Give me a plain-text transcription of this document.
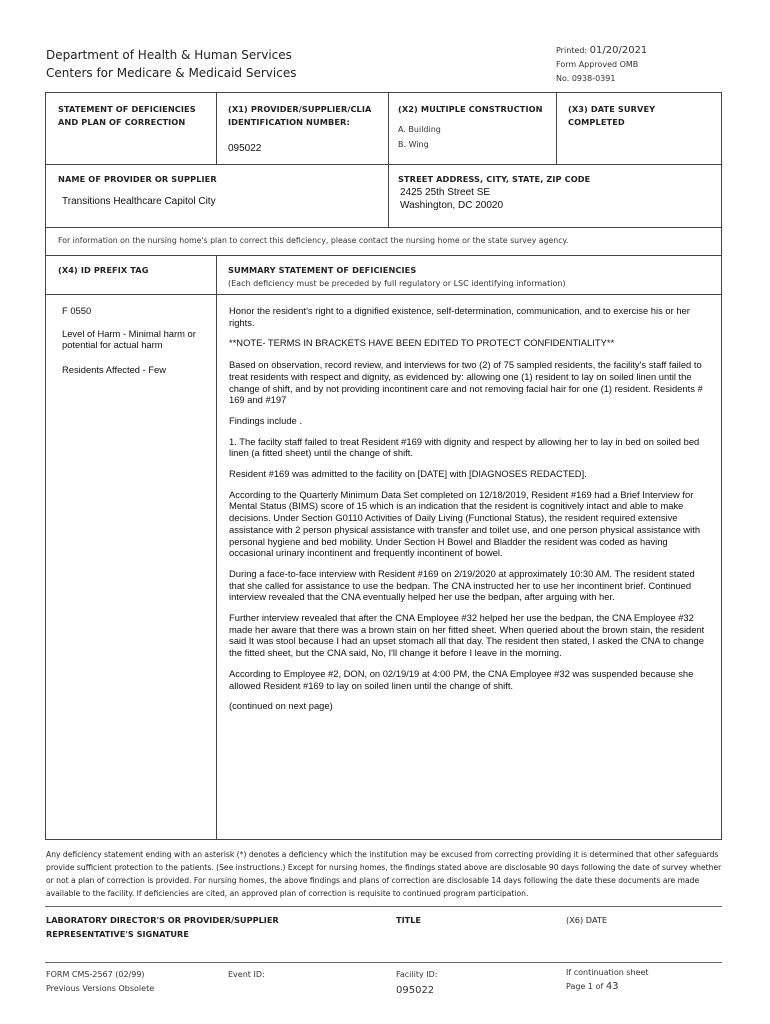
Department of Health & Human Services
Centers for Medicare & Medicaid Services
Printed: 01/20/2021
Form Approved OMB
No. 0938-0391
STATEMENT OF DEFICIENCIES AND PLAN OF CORRECTION
(X1) PROVIDER/SUPPLIER/CLIA IDENTIFICATION NUMBER:
095022
(X2) MULTIPLE CONSTRUCTION
A. Building
B. Wing
(X3) DATE SURVEY COMPLETED
NAME OF PROVIDER OR SUPPLIER
Transitions Healthcare Capitol City
STREET ADDRESS, CITY, STATE, ZIP CODE
2425 25th Street SE
Washington, DC 20020
For information on the nursing home's plan to correct this deficiency, please contact the nursing home or the state survey agency.
(X4) ID PREFIX TAG	SUMMARY STATEMENT OF DEFICIENCIES
(Each deficiency must be preceded by full regulatory or LSC identifying information)
F 0550
Level of Harm - Minimal harm or potential for actual harm
Residents Affected - Few

Honor the resident's right to a dignified existence, self-determination, communication, and to exercise his or her rights.

**NOTE- TERMS IN BRACKETS HAVE BEEN EDITED TO PROTECT CONFIDENTIALITY**

Based on observation, record review, and interviews for two (2) of 75 sampled residents, the facility's staff failed to treat residents with respect and dignity, as evidenced by: allowing one (1) resident to lay on soiled linen until the change of shift, and by not providing incontinent care and not removing facial hair for one (1) resident. Residents # 169 and #197

Findings include .

1. The facilty staff failed to treat Resident #169 with dignity and respect by allowing her to lay in bed on soiled bed linen (a fitted sheet) until the change of shift.

Resident #169 was admitted to the facility on [DATE] with [DIAGNOSES REDACTED].

According to the Quarterly Minimum Data Set completed on 12/18/2019, Resident #169 had a Brief Interview for Mental Status (BIMS) score of 15 which is an indication that the resident is cognitively intact and able to make decisions. Under Section G0110 Activities of Daily Living (Functional Status), the resident required extensive assistance with 2 person physical assistance with transfer and toilet use, and one person physical assistance with personal hygiene and bed mobility. Under Section H Bowel and Bladder the resident was coded as having occasional urinary incontinent and frequently incontinent of bowel.

During a face-to-face interview with Resident #169 on 2/19/2020 at approximately 10:30 AM. The resident stated that she called for assistance to use the bedpan. The CNA instructed her to use her incontinent brief. Continued interview revealed that the CNA eventually helped her use the bedpan, after arguing with her.

Further interview revealed that after the CNA Employee #32 helped her use the bedpan, the CNA Employee #32 made her aware that there was a brown stain on her fitted sheet. When queried about the brown stain, the resident said It was stool because I had an upset stomach all that day. The resident then stated, I asked the CNA to change the fitted sheet, but the CNA said, No, I'll change it before I leave in the morning.

According to Employee #2, DON, on 02/19/19 at 4:00 PM, the CNA Employee #32 was suspended because she allowed Resident #169 to lay on soiled linen until the change of shift.

(continued on next page)

Any deficiency statement ending with an asterisk (*) denotes a deficiency which the institution may be excused from correcting providing it is determined that other safeguards provide sufficient protection to the patients. (See instructions.) Except for nursing homes, the findings stated above are disclosable 90 days following the date of survey whether or not a plan of correction is provided. For nursing homes, the above findings and plans of correction are disclosable 14 days following the date these documents are made available to the facility. If deficiencies are cited, an approved plan of correction is requisite to continued program participation.
LABORATORY DIRECTOR'S OR PROVIDER/SUPPLIER REPRESENTATIVE'S SIGNATURE
TITLE	(X6) DATE
FORM CMS-2567 (02/99)
Previous Versions Obsolete
Event ID:	Facility ID:
095022
If continuation sheet
Page 1 of 43
